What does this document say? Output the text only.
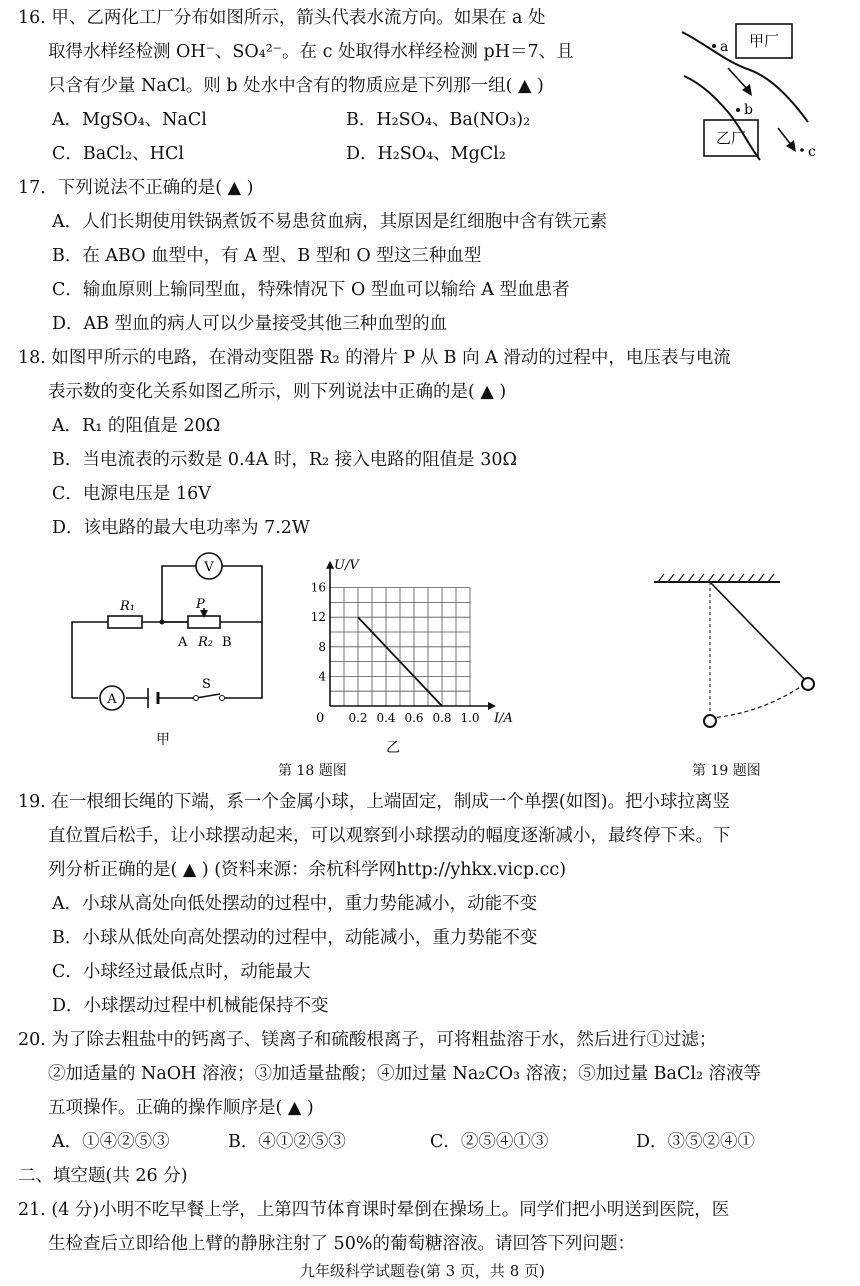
16. 甲、乙两化工厂分布如图所示，箭头代表水流方向。如果在 a 处
取得水样经检测 OH⁻、SO₄²⁻。在 c 处取得水样经检测 pH＝7、且
只含有少量 NaCl。则 b 处水中含有的物质应是下列那一组( ▲ )
A．MgSO₄、NaCl	B．H₂SO₄、Ba(NO₃)₂
C．BaCl₂、HCl	D．H₂SO₄、MgCl₂
甲厂
a
乙厂
b
c
17．下列说法不正确的是( ▲ )
A．人们长期使用铁锅煮饭不易患贫血病，其原因是红细胞中含有铁元素
B．在 ABO 血型中，有 A 型、B 型和 O 型这三种血型
C．输血原则上输同型血，特殊情况下 O 型血可以输给 A 型血患者
D．AB 型血的病人可以少量接受其他三种血型的血
18. 如图甲所示的电路，在滑动变阻器 R₂ 的滑片 P 从 B 向 A 滑动的过程中，电压表与电流
表示数的变化关系如图乙所示，则下列说法中正确的是( ▲ )
A．R₁ 的阻值是 20Ω
B．当电流表的示数是 0.4A 时，R₂ 接入电路的阻值是 30Ω
C．电源电压是 16V
D．该电路的最大电功率为 7.2W
V
R₁	P
A R₂ B
A
S
甲
U/V
I/A
0 0.2 0.4 0.6 0.8 1.0
4
8
12
16
乙
第 18 题图	第 19 题图
19. 在一根细长绳的下端，系一个金属小球，上端固定，制成一个单摆(如图)。把小球拉离竖
直位置后松手，让小球摆动起来，可以观察到小球摆动的幅度逐渐减小，最终停下来。下
列分析正确的是( ▲ ) (资料来源：余杭科学网http://yhkx.vicp.cc)
A．小球从高处向低处摆动的过程中，重力势能减小，动能不变
B．小球从低处向高处摆动的过程中，动能减小，重力势能不变
C．小球经过最低点时，动能最大
D．小球摆动过程中机械能保持不变
20. 为了除去粗盐中的钙离子、镁离子和硫酸根离子，可将粗盐溶于水，然后进行①过滤；
②加适量的 NaOH 溶液；③加适量盐酸；④加过量 Na₂CO₃ 溶液；⑤加过量 BaCl₂ 溶液等
五项操作。正确的操作顺序是( ▲ )
A．①④②⑤③	B．④①②⑤③	C．②⑤④①③	D．③⑤②④①
二、填空题(共 26 分)
21. (4 分)小明不吃早餐上学，上第四节体育课时晕倒在操场上。同学们把小明送到医院，医
生检查后立即给他上臂的静脉注射了 50%的葡萄糖溶液。请回答下列问题：
九年级科学试题卷(第 3 页，共 8 页)
